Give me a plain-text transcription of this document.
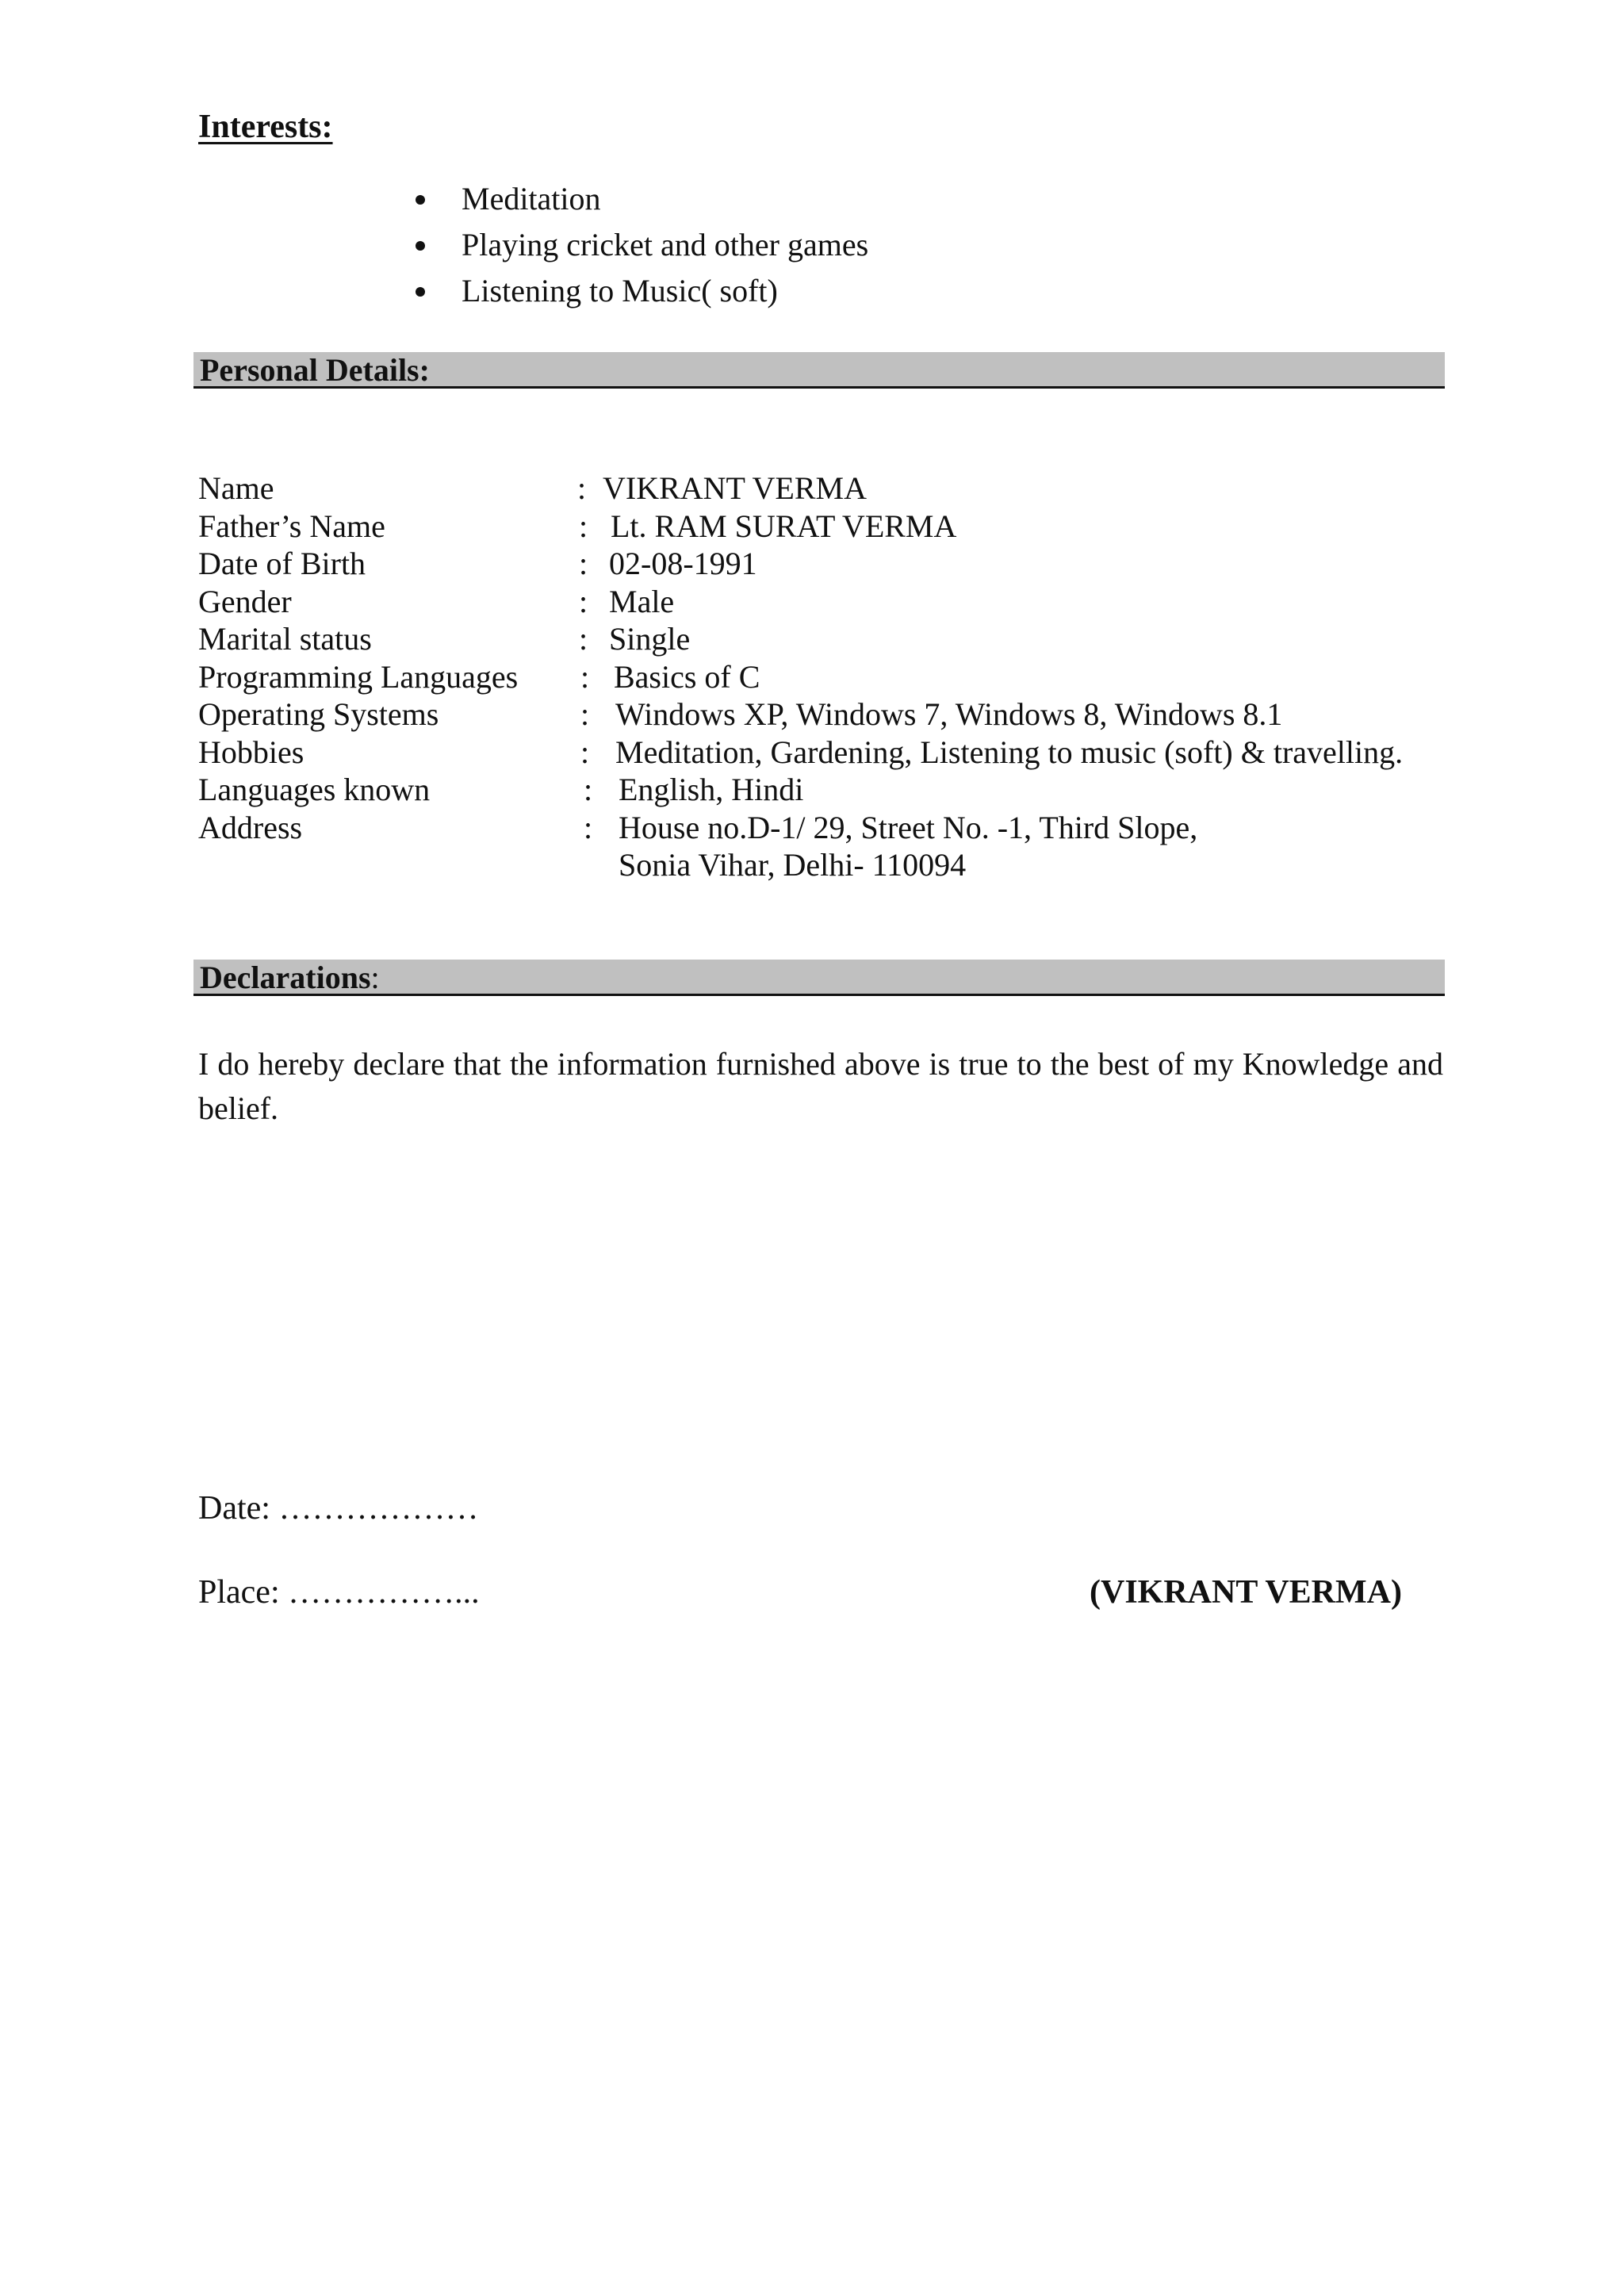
Interests:
Meditation
Playing cricket and other games
Listening to Music( soft)
Personal Details:
Name	: VIKRANT VERMA
Father’s Name	: Lt. RAM SURAT VERMA
Date of Birth	: 02-08-1991
Gender	: Male
Marital status	: Single
Programming Languages : Basics of C
Operating Systems	: Windows XP, Windows 7, Windows 8, Windows 8.1
Hobbies	: Meditation, Gardening, Listening to music (soft) & travelling.
Languages known	: English, Hindi
Address	: House no.D-1/ 29, Street No. -1, Third Slope,
Sonia Vihar, Delhi- 110094
Declarations:

I do hereby declare that the information furnished above is true to the best of my Knowledge and belief.

Date: ………………

Place: ……………...	(VIKRANT VERMA)
